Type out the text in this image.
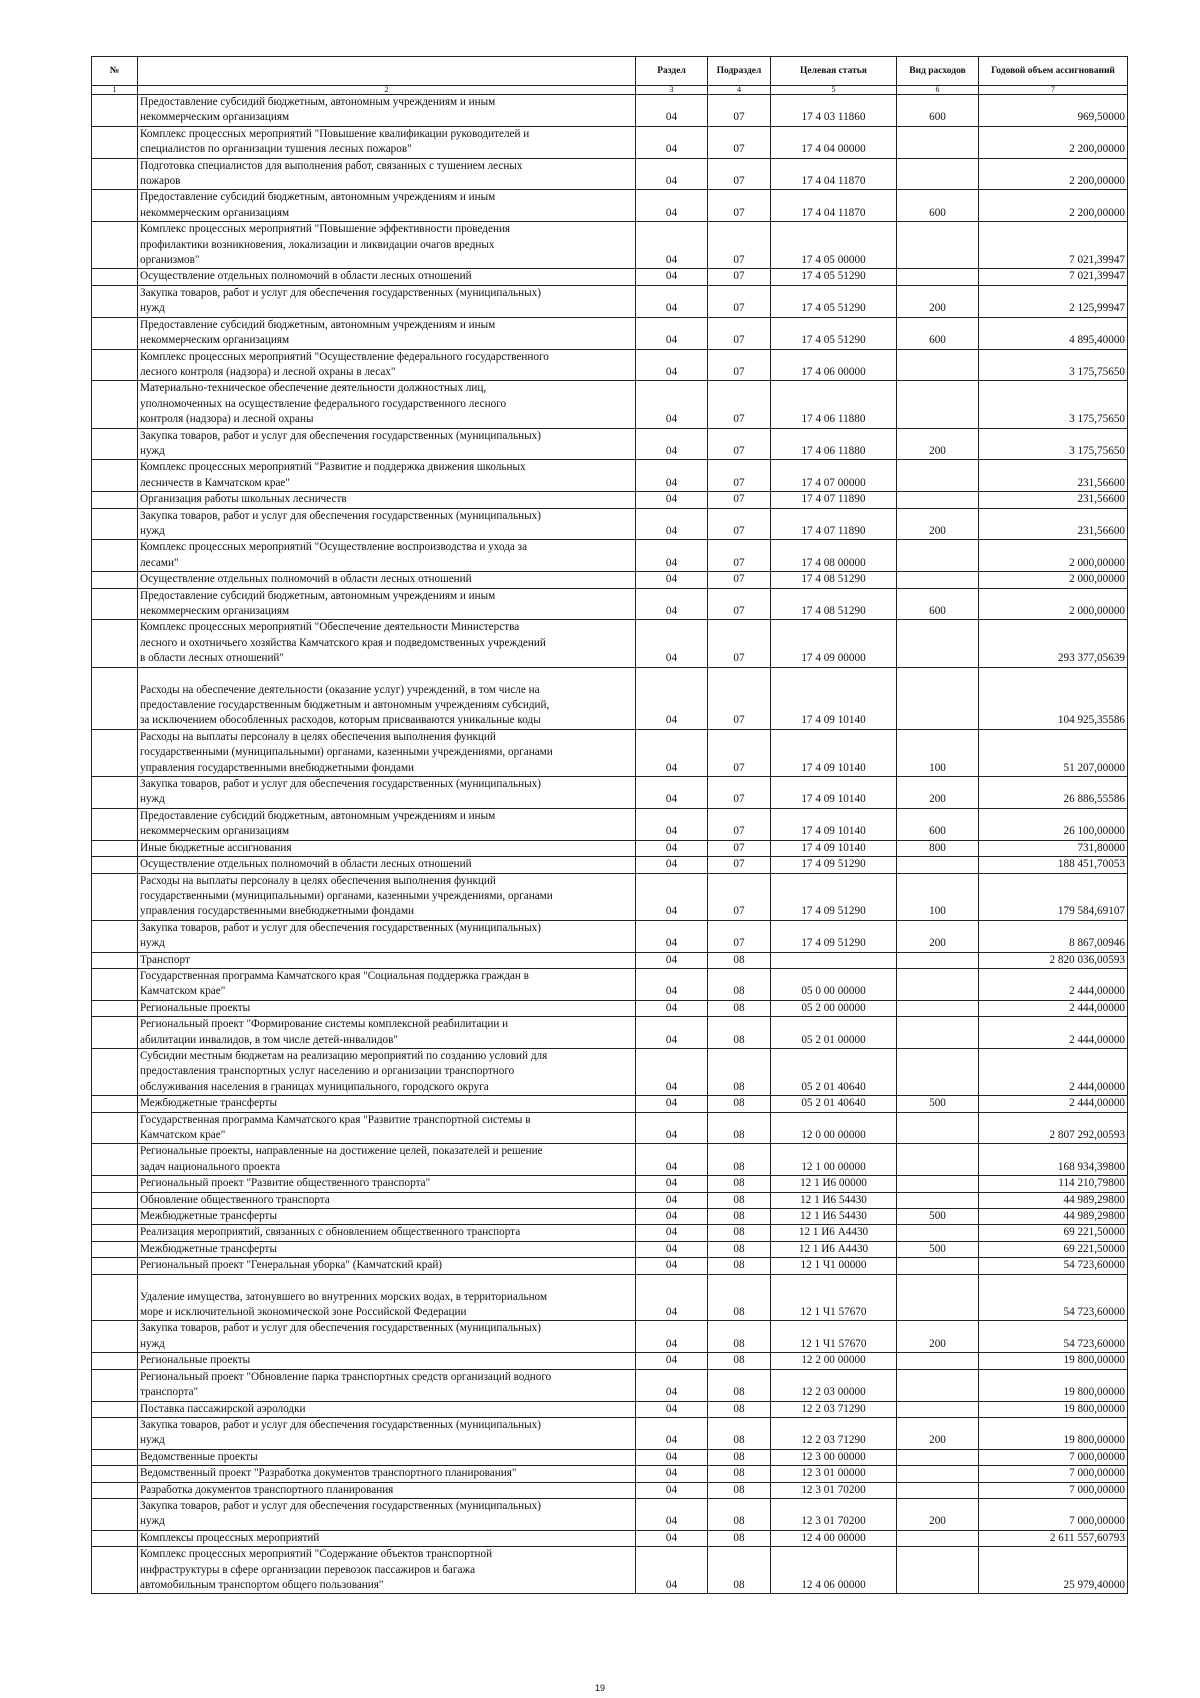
№		Раздел	Подраздел	Целевая статья	Вид расходов	Годовой объем ассигнований
1	2	3	4	5	6	7

	Предоставление субсидий бюджетным, автономным учреждениям и иным
некоммерческим организациям	04	07	17 4 03 11860	600	969,50000

	Комплекс процессных мероприятий "Повышение квалификации руководителей и
специалистов по организации тушения лесных пожаров"	04	07	17 4 04 00000		2 200,00000

	Подготовка специалистов для выполнения работ, связанных с тушением лесных
пожаров	04	07	17 4 04 11870		2 200,00000

	Предоставление субсидий бюджетным, автономным учреждениям и иным
некоммерческим организациям	04	07	17 4 04 11870	600	2 200,00000

	Комплекс процессных мероприятий "Повышение эффективности проведения
профилактики возникновения, локализации и ликвидации очагов вредных
организмов"	04	07	17 4 05 00000		7 021,39947

	Осуществление отдельных полномочий в области лесных отношений	04	07	17 4 05 51290		7 021,39947

	Закупка товаров, работ и услуг для обеспечения государственных (муниципальных)
нужд	04	07	17 4 05 51290	200	2 125,99947

	Предоставление субсидий бюджетным, автономным учреждениям и иным
некоммерческим организациям	04	07	17 4 05 51290	600	4 895,40000

	Комплекс процессных мероприятий "Осуществление федерального государственного
лесного контроля (надзора) и лесной охраны в лесах"	04	07	17 4 06 00000		3 175,75650

	Материально-техническое обеспечение деятельности должностных лиц,
уполномоченных на осуществление федерального государственного лесного
контроля (надзора) и лесной охраны	04	07	17 4 06 11880		3 175,75650

	Закупка товаров, работ и услуг для обеспечения государственных (муниципальных)
нужд	04	07	17 4 06 11880	200	3 175,75650

	Комплекс процессных мероприятий "Развитие и поддержка движения школьных
лесничеств в Камчатском крае"	04	07	17 4 07 00000		231,56600

	Организация работы школьных лесничеств	04	07	17 4 07 11890		231,56600

	Закупка товаров, работ и услуг для обеспечения государственных (муниципальных)
нужд	04	07	17 4 07 11890	200	231,56600

	Комплекс процессных мероприятий "Осуществление воспроизводства и ухода за
лесами"	04	07	17 4 08 00000		2 000,00000

	Осуществление отдельных полномочий в области лесных отношений	04	07	17 4 08 51290		2 000,00000

	Предоставление субсидий бюджетным, автономным учреждениям и иным
некоммерческим организациям	04	07	17 4 08 51290	600	2 000,00000

	Комплекс процессных мероприятий "Обеспечение деятельности Министерства
лесного и охотничьего хозяйства Камчатского края и подведомственных учреждений
в области лесных отношений"	04	07	17 4 09 00000		293 377,05639

	Расходы на обеспечение деятельности (оказание услуг) учреждений, в том числе на
предоставление государственным бюджетным и автономным учреждениям субсидий,
за исключением обособленных расходов, которым присваиваются уникальные коды	04	07	17 4 09 10140		104 925,35586

	Расходы на выплаты персоналу в целях обеспечения выполнения функций
государственными (муниципальными) органами, казенными учреждениями, органами
управления государственными внебюджетными фондами	04	07	17 4 09 10140	100	51 207,00000

	Закупка товаров, работ и услуг для обеспечения государственных (муниципальных)
нужд	04	07	17 4 09 10140	200	26 886,55586

	Предоставление субсидий бюджетным, автономным учреждениям и иным
некоммерческим организациям	04	07	17 4 09 10140	600	26 100,00000

	Иные бюджетные ассигнования	04	07	17 4 09 10140	800	731,80000

	Осуществление отдельных полномочий в области лесных отношений	04	07	17 4 09 51290		188 451,70053

	Расходы на выплаты персоналу в целях обеспечения выполнения функций
государственными (муниципальными) органами, казенными учреждениями, органами
управления государственными внебюджетными фондами	04	07	17 4 09 51290	100	179 584,69107

	Закупка товаров, работ и услуг для обеспечения государственных (муниципальных)
нужд	04	07	17 4 09 51290	200	8 867,00946

	Транспорт	04	08			2 820 036,00593

	Государственная программа Камчатского края "Социальная поддержка граждан в
Камчатском крае"	04	08	05 0 00 00000		2 444,00000

	Региональные проекты	04	08	05 2 00 00000		2 444,00000

	Региональный проект "Формирование системы комплексной реабилитации и
абилитации инвалидов, в том числе детей-инвалидов"	04	08	05 2 01 00000		2 444,00000

	Субсидии местным бюджетам на реализацию мероприятий по созданию условий для
предоставления транспортных услуг населению и организации транспортного
обслуживания населения в границах муниципального, городского округа	04	08	05 2 01 40640		2 444,00000

	Межбюджетные трансферты	04	08	05 2 01 40640	500	2 444,00000

	Государственная программа Камчатского края "Развитие транспортной системы в
Камчатском крае"	04	08	12 0 00 00000		2 807 292,00593

	Региональные проекты, направленные на достижение целей, показателей и решение
задач национального проекта	04	08	12 1 00 00000		168 934,39800

	Региональный проект "Развитие общественного транспорта"	04	08	12 1 И6 00000		114 210,79800

	Обновление общественного транспорта	04	08	12 1 И6 54430		44 989,29800

	Межбюджетные трансферты	04	08	12 1 И6 54430	500	44 989,29800

	Реализация мероприятий, связанных с обновлением общественного транспорта	04	08	12 1 И6 А4430		69 221,50000

	Межбюджетные трансферты	04	08	12 1 И6 А4430	500	69 221,50000

	Региональный проект "Генеральная уборка" (Камчатский край)	04	08	12 1 Ч1 00000		54 723,60000

	Удаление имущества, затонувшего во внутренних морских водах, в территориальном
море и исключительной экономической зоне Российской Федерации	04	08	12 1 Ч1 57670		54 723,60000

	Закупка товаров, работ и услуг для обеспечения государственных (муниципальных)
нужд	04	08	12 1 Ч1 57670	200	54 723,60000

	Региональные проекты	04	08	12 2 00 00000		19 800,00000

	Региональный проект "Обновление парка транспортных средств организаций водного
транспорта"	04	08	12 2 03 00000		19 800,00000

	Поставка пассажирской аэролодки	04	08	12 2 03 71290		19 800,00000

	Закупка товаров, работ и услуг для обеспечения государственных (муниципальных)
нужд	04	08	12 2 03 71290	200	19 800,00000

	Ведомственные проекты	04	08	12 3 00 00000		7 000,00000

	Ведомственный проект "Разработка документов транспортного планирования"	04	08	12 3 01 00000		7 000,00000

	Разработка документов транспортного планирования	04	08	12 3 01 70200		7 000,00000

	Закупка товаров, работ и услуг для обеспечения государственных (муниципальных)
нужд	04	08	12 3 01 70200	200	7 000,00000

	Комплексы процессных мероприятий	04	08	12 4 00 00000		2 611 557,60793

	Комплекс процессных мероприятий "Содержание объектов транспортной
инфраструктуры в сфере организации перевозок пассажиров и багажа
автомобильным транспортом общего пользования"	04	08	12 4 06 00000		25 979,40000
19
